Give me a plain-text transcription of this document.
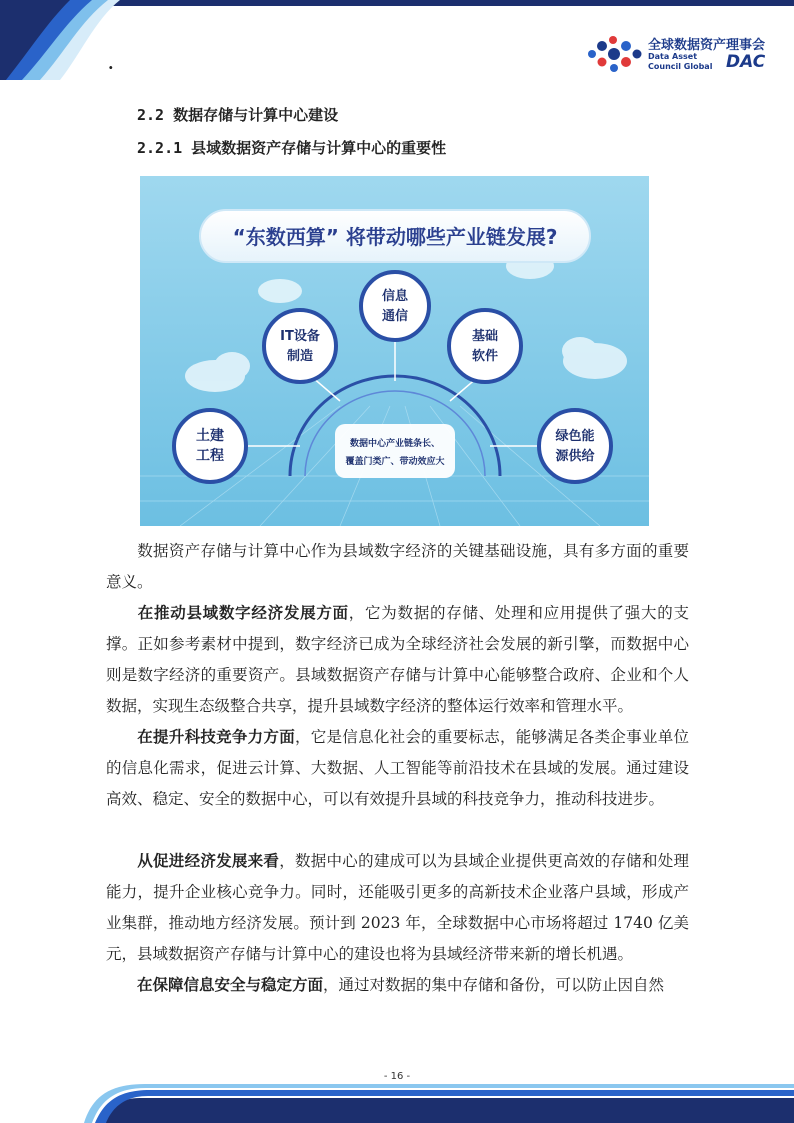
·
全球数据资产理事会
Data Asset
Council Global DAC
2.2 数据存储与计算中心建设
2.2.1 县域数据资产存储与计算中心的重要性
“东数西算” 将带动哪些产业链发展?
数据中心产业链条长、
覆盖门类广、带动效应大
土建
工程
IT设备
制造
信息
通信
基础
软件
绿色能
源供给

数据资产存储与计算中心作为县域数字经济的关键基础设施，具有多方面的重要意义。

在推动县域数字经济发展方面，它为数据的存储、处理和应用提供了强大的支撑。正如参考素材中提到，数字经济已成为全球经济社会发展的新引擎，而数据中心则是数字经济的重要资产。县域数据资产存储与计算中心能够整合政府、企业和个人数据，实现生态级整合共享，提升县域数字经济的整体运行效率和管理水平。

在提升科技竞争力方面，它是信息化社会的重要标志，能够满足各类企事业单位的信息化需求，促进云计算、大数据、人工智能等前沿技术在县域的发展。通过建设高效、稳定、安全的数据中心，可以有效提升县域的科技竞争力，推动科技进步。

从促进经济发展来看，数据中心的建成可以为县域企业提供更高效的存储和处理能力，提升企业核心竞争力。同时，还能吸引更多的高新技术企业落户县域，形成产业集群，推动地方经济发展。预计到 2023 年，全球数据中心市场将超过 1740 亿美元，县域数据资产存储与计算中心的建设也将为县域经济带来新的增长机遇。

在保障信息安全与稳定方面，通过对数据的集中存储和备份，可以防止因自然

- 16 -
